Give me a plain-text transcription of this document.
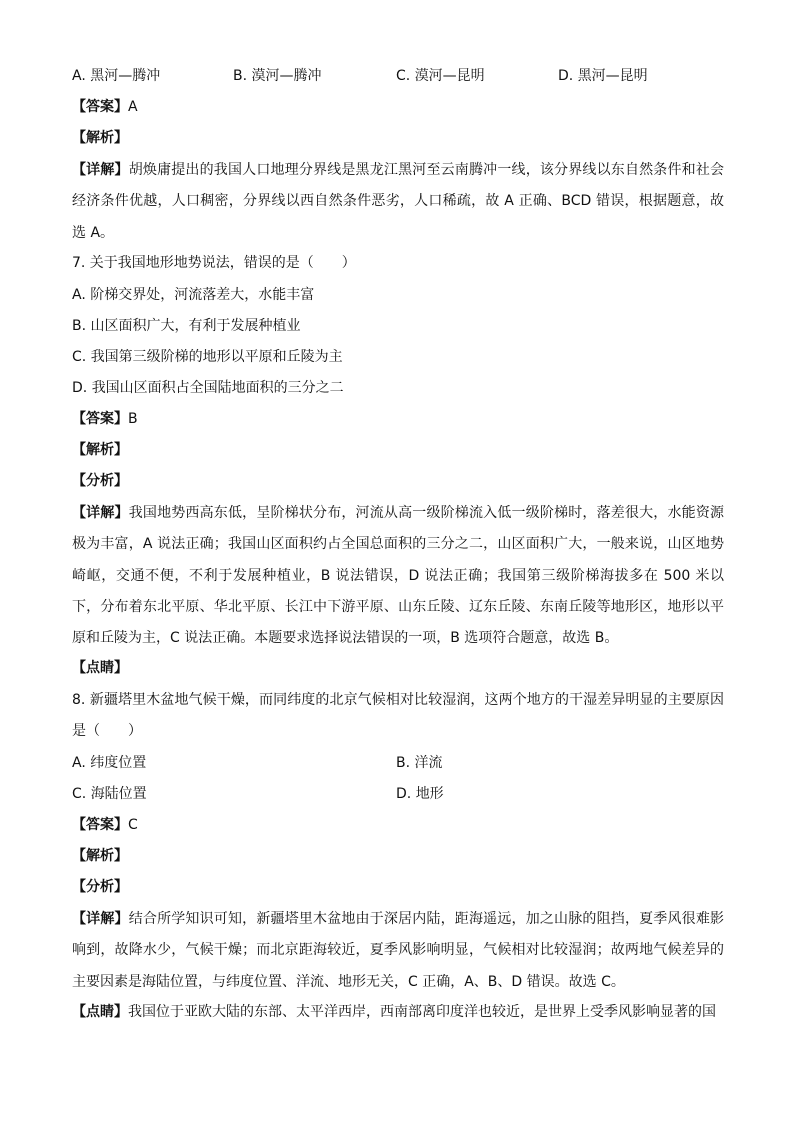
A. 黑河—腾冲	B. 漠河—腾冲	C. 漠河—昆明	D. 黑河—昆明
【答案】A
【解析】
【详解】胡焕庸提出的我国人口地理分界线是黑龙江黑河至云南腾冲一线，该分界线以东自然条件和社会经济条件优越，人口稠密，分界线以西自然条件恶劣，人口稀疏，故 A 正确、BCD 错误，根据题意，故选 A。
7. 关于我国地形地势说法，错误的是（　　）
A. 阶梯交界处，河流落差大，水能丰富
B. 山区面积广大，有利于发展种植业
C. 我国第三级阶梯的地形以平原和丘陵为主
D. 我国山区面积占全国陆地面积的三分之二
【答案】B
【解析】
【分析】
【详解】我国地势西高东低，呈阶梯状分布，河流从高一级阶梯流入低一级阶梯时，落差很大，水能资源极为丰富，A 说法正确；我国山区面积约占全国总面积的三分之二，山区面积广大，一般来说，山区地势崎岖，交通不便，不利于发展种植业，B 说法错误，D 说法正确；我国第三级阶梯海拔多在 500 米以下，分布着东北平原、华北平原、长江中下游平原、山东丘陵、辽东丘陵、东南丘陵等地形区，地形以平原和丘陵为主，C 说法正确。本题要求选择说法错误的一项，B 选项符合题意，故选 B。
【点睛】
8. 新疆塔里木盆地气候干燥，而同纬度的北京气候相对比较湿润，这两个地方的干湿差异明显的主要原因是（　　）
A. 纬度位置	B. 洋流
C. 海陆位置	D. 地形
【答案】C
【解析】
【分析】
【详解】结合所学知识可知，新疆塔里木盆地由于深居内陆，距海遥远，加之山脉的阻挡，夏季风很难影响到，故降水少，气候干燥；而北京距海较近，夏季风影响明显，气候相对比较湿润；故两地气候差异的主要因素是海陆位置，与纬度位置、洋流、地形无关，C 正确，A、B、D 错误。故选 C。
【点睛】我国位于亚欧大陆的东部、太平洋西岸，西南部离印度洋也较近，是世界上受季风影响显著的国
